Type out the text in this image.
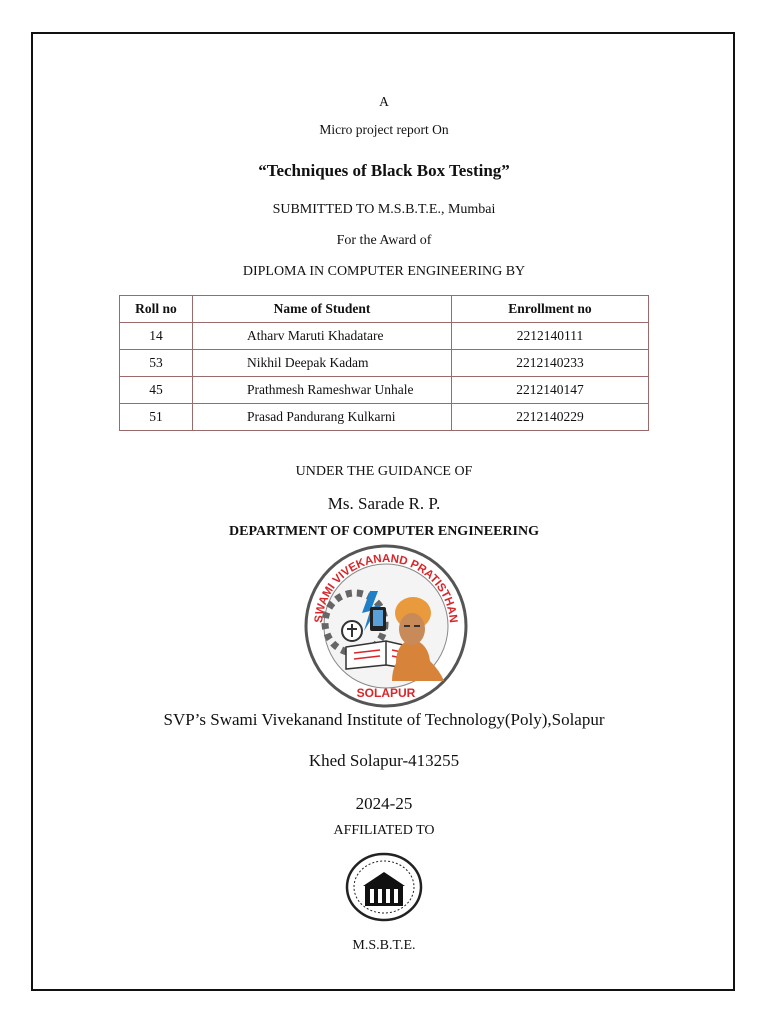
A
Micro project report On
“Techniques of Black Box Testing”
SUBMITTED TO M.S.B.T.E., Mumbai
For the Award of
DIPLOMA IN COMPUTER ENGINEERING BY
Roll no	Name of Student	Enrollment no
14	Atharv Maruti Khadatare	2212140111
53	Nikhil Deepak Kadam	2212140233
45	Prathmesh Rameshwar Unhale	2212140147
51	Prasad Pandurang Kulkarni	2212140229
UNDER THE GUIDANCE OF
Ms. Sarade R. P.
DEPARTMENT OF COMPUTER ENGINEERING
SWAMI VIVEKANAND PRATISTHAN
SOLAPUR
SVP’s Swami Vivekanand Institute of Technology(Poly),Solapur
Khed Solapur-413255
2024-25
AFFILIATED TO
M.S.B.T.E.
